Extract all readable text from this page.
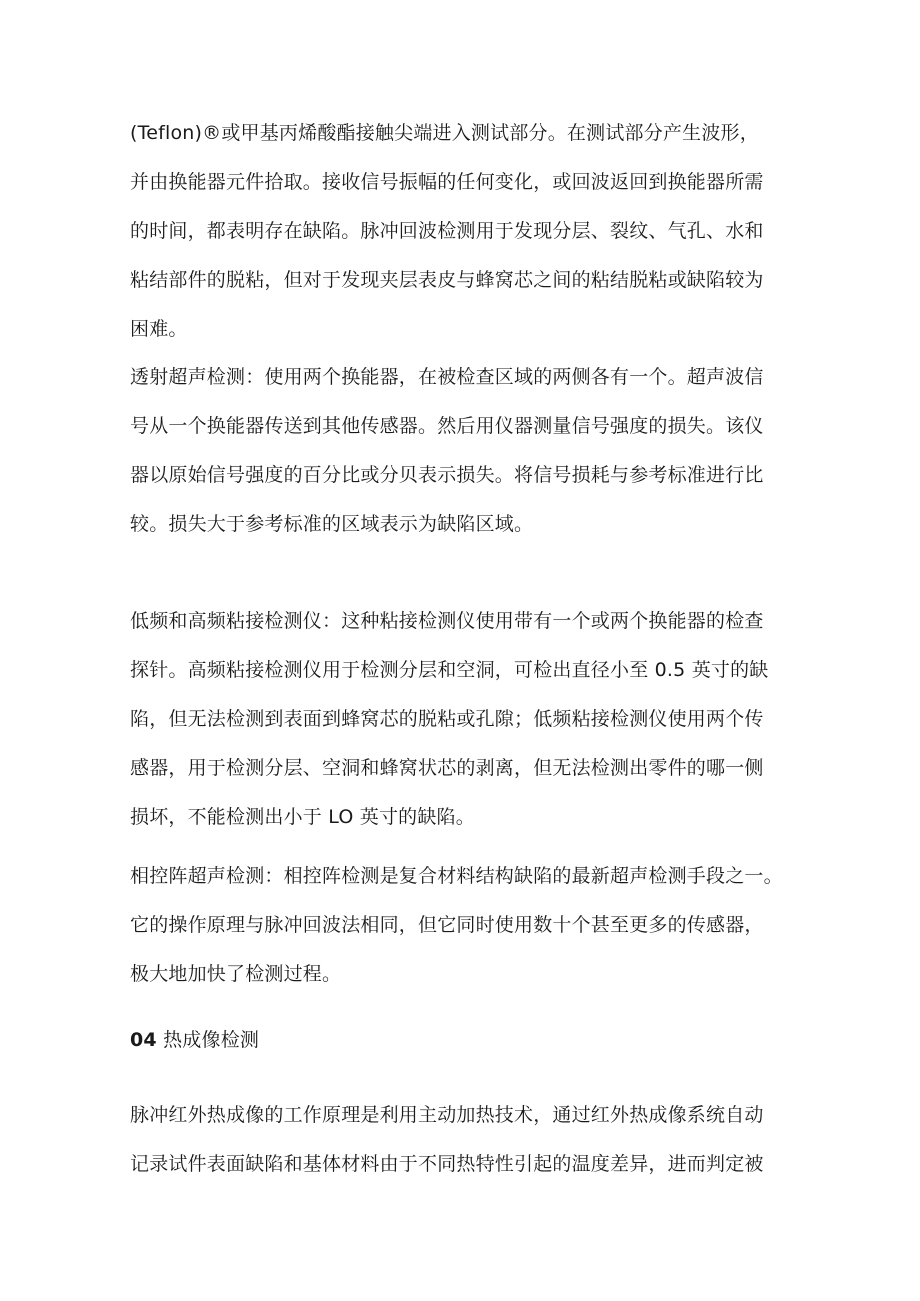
(Teflon)®或甲基丙烯酸酯接触尖端进入测试部分。在测试部分产生波形，

并由换能器元件拾取。接收信号振幅的任何变化，或回波返回到换能器所需

的时间，都表明存在缺陷。脉冲回波检测用于发现分层、裂纹、气孔、水和

粘结部件的脱粘，但对于发现夹层表皮与蜂窝芯之间的粘结脱粘或缺陷较为

困难。

透射超声检测：使用两个换能器，在被检查区域的两侧各有一个。超声波信

号从一个换能器传送到其他传感器。然后用仪器测量信号强度的损失。该仪

器以原始信号强度的百分比或分贝表示损失。将信号损耗与参考标准进行比

较。损失大于参考标准的区域表示为缺陷区域。

低频和高频粘接检测仪：这种粘接检测仪使用带有一个或两个换能器的检查

探针。高频粘接检测仪用于检测分层和空洞，可检出直径小至 0.5 英寸的缺

陷，但无法检测到表面到蜂窝芯的脱粘或孔隙；低频粘接检测仪使用两个传

感器，用于检测分层、空洞和蜂窝状芯的剥离，但无法检测出零件的哪一侧

损坏，不能检测出小于 LO 英寸的缺陷。

相控阵超声检测：相控阵检测是复合材料结构缺陷的最新超声检测手段之一。

它的操作原理与脉冲回波法相同，但它同时使用数十个甚至更多的传感器，

极大地加快了检测过程。

04 热成像检测

脉冲红外热成像的工作原理是利用主动加热技术，通过红外热成像系统自动

记录试件表面缺陷和基体材料由于不同热特性引起的温度差异，进而判定被
